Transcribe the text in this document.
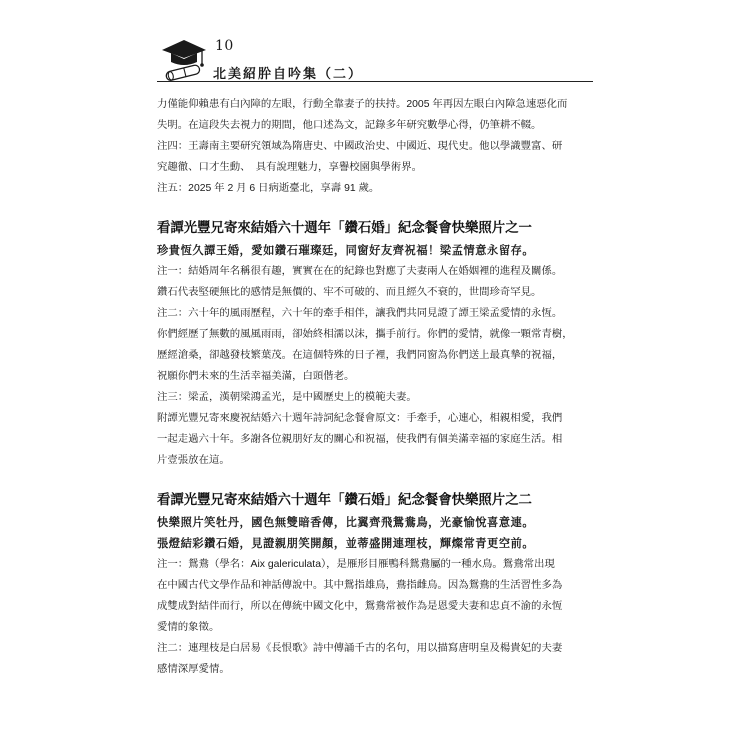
10
北美紹肸自吟集（二）
力僅能仰賴患有白內障的左眼，行動全靠妻子的扶持。2005 年再因左眼白內障急速惡化而
失明。在這段失去視力的期間，他口述為文，記錄多年研究數學心得，仍筆耕不輟。
注四：王壽南主要研究領域為隋唐史、中國政治史、中國近、現代史。他以學識豐富、研
究趣徹、口才生動、　具有說理魅力，享譽校園與學術界。
注五：2025 年 2 月 6 日病逝臺北，享壽 91 歲。
看譚光豐兄寄來結婚六十週年「鑽石婚」紀念餐會快樂照片之一
珍貴恆久譚王婚，愛如鑽石璀璨廷，同窗好友齊祝福！梁孟情意永留存。
注一：結婚周年名稱很有趣，實實在在的紀錄也對應了夫妻兩人在婚姻裡的進程及關係。
鑽石代表堅硬無比的感情是無價的、牢不可破的、而且經久不衰的，世間珍奇罕見。
注二：六十年的風雨歷程，六十年的牽手相伴，讓我們共同見證了譚王梁孟愛情的永恆。
你們經歷了無數的風風雨雨，卻始終相濡以沫，攜手前行。你們的愛情，就像一顆常青樹，
歷經滄桑，卻越發枝繁葉茂。在這個特殊的日子裡，我們同窗為你們送上最真摯的祝福，
祝願你們未來的生活幸福美滿，白頭偕老。
注三：梁孟，漢朝梁鴻孟光，是中國歷史上的模範夫妻。
附譚光豐兄寄來慶祝結婚六十週年詩詞紀念餐會原文：手牽手，心連心，相親相愛，我們
一起走過六十年。多謝各位親朋好友的關心和祝福，使我們有個美滿幸福的家庭生活。相
片壹張放在這。
看譚光豐兄寄來結婚六十週年「鑽石婚」紀念餐會快樂照片之二
快樂照片笑牡丹，國色無雙暗香傳，比翼齊飛鴛鴦鳥，光豪愉悅喜意連。
張燈結彩鑽石婚，見證親朋笑開顏，並蒂盛開連理枝，輝燦常青更空前。
注一：鴛鴦（學名：Aix galericulata），是雁形目雁鴨科鴛鴦屬的一種水鳥。鴛鴦常出現
在中國古代文學作品和神話傳說中。其中鴛指雄鳥，鴦指雌鳥。因為鴛鴦的生活習性多為
成雙成對結伴而行，所以在傳統中國文化中，鴛鴦常被作為是恩愛夫妻和忠貞不渝的永恆
愛情的象徵。
注二：連理枝是白居易《長恨歌》詩中傳誦千古的名句，用以描寫唐明皇及楊貴妃的夫妻
感情深厚愛情。
